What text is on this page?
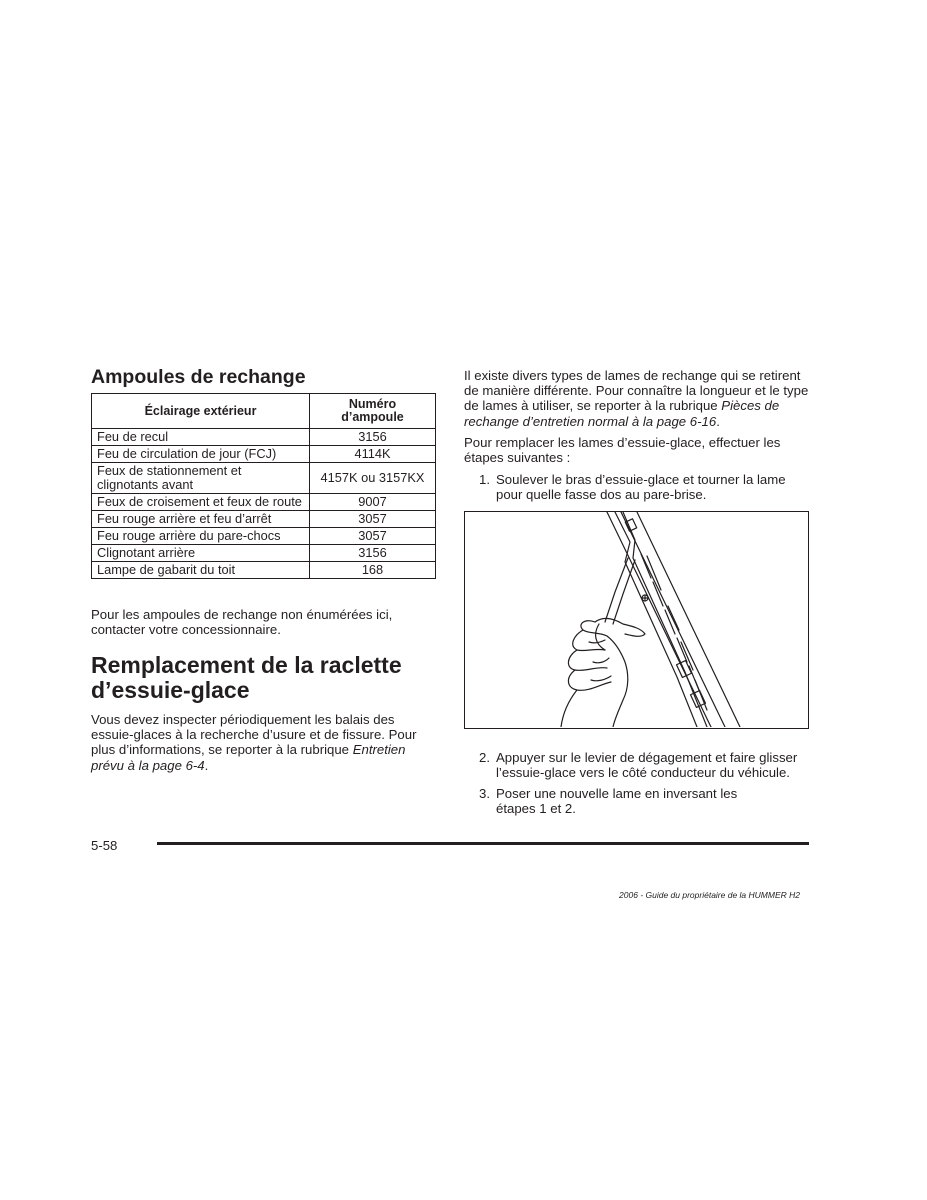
Ampoules de rechange
Éclairage extérieur	Numéro
d’ampoule
Feu de recul	3156
Feu de circulation de jour (FCJ)	4114K
Feux de stationnement et clignotants avant	4157K ou 3157KX
Feux de croisement et feux de route	9007
Feu rouge arrière et feu d’arrêt	3057
Feu rouge arrière du pare-chocs	3057
Clignotant arrière	3156
Lampe de gabarit du toit	168

Pour les ampoules de rechange non énumérées ici, contacter votre concessionnaire.

Remplacement de la raclette
d’essuie-glace

Vous devez inspecter périodiquement les balais des essuie-glaces à la recherche d’usure et de fissure. Pour plus d’informations, se reporter à la rubrique Entretien prévu à la page 6-4.

Il existe divers types de lames de rechange qui se retirent de manière différente. Pour connaître la longueur et le type de lames à utiliser, se reporter à la rubrique Pièces de rechange d’entretien normal à la page 6-16.

Pour remplacer les lames d’essuie-glace, effectuer les étapes suivantes :

1. Soulever le bras d’essuie-glace et tourner la lame pour quelle fasse dos au pare-brise.
2. Appuyer sur le levier de dégagement et faire glisser l’essuie-glace vers le côté conducteur du véhicule.
3. Poser une nouvelle lame en inversant les étapes 1 et 2.
5-58
2006 - Guide du propriétaire de la HUMMER H2
